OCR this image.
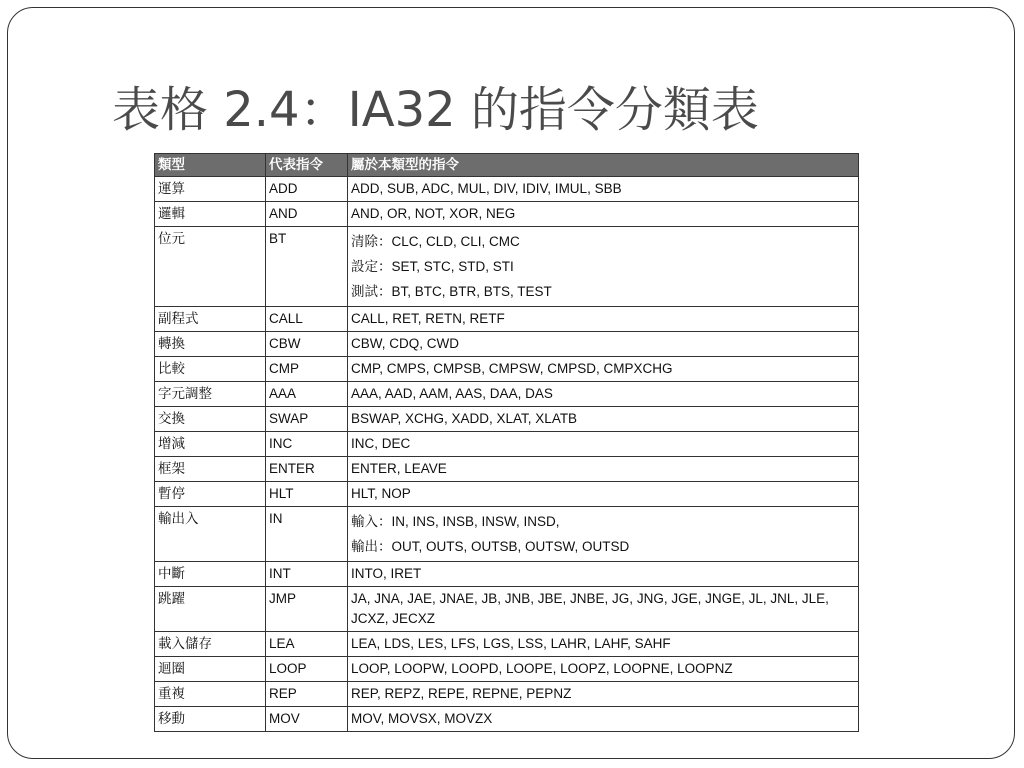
表格 2.4：IA32 的指令分類表
類型	代表指令	屬於本類型的指令
運算	ADD	ADD, SUB, ADC, MUL, DIV, IDIV, IMUL, SBB
邏輯	AND	AND, OR, NOT, XOR, NEG
位元	BT	清除：CLC, CLD, CLI, CMC
設定：SET, STC, STD, STI
測試：BT, BTC, BTR, BTS, TEST

副程式	CALL	CALL, RET, RETN, RETF
轉換	CBW	CBW, CDQ, CWD
比較	CMP	CMP, CMPS, CMPSB, CMPSW, CMPSD, CMPXCHG
字元調整	AAA	AAA, AAD, AAM, AAS, DAA, DAS
交換	SWAP	BSWAP, XCHG, XADD, XLAT, XLATB
增減	INC	INC, DEC
框架	ENTER	ENTER, LEAVE
暫停	HLT	HLT, NOP
輸出入	IN	輸入：IN, INS, INSB, INSW, INSD,
輸出：OUT, OUTS, OUTSB, OUTSW, OUTSD

中斷	INT	INTO, IRET
跳躍	JMP	JA, JNA, JAE, JNAE, JB, JNB, JBE, JNBE, JG, JNG, JGE, JNGE, JL, JNL, JLE, JCXZ, JECXZ
載入儲存	LEA	LEA, LDS, LES, LFS, LGS, LSS, LAHR, LAHF, SAHF
迴圈	LOOP	LOOP, LOOPW, LOOPD, LOOPE, LOOPZ, LOOPNE, LOOPNZ
重複	REP	REP, REPZ, REPE, REPNE, PEPNZ
移動	MOV	MOV, MOVSX, MOVZX
